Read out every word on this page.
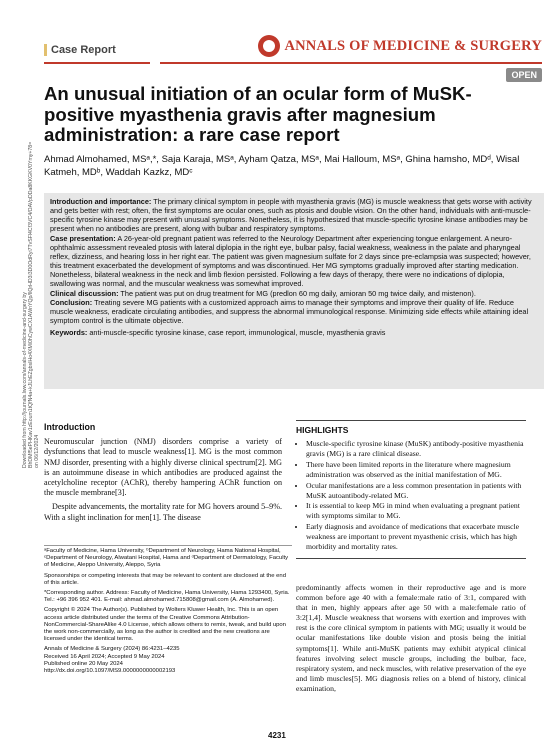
Downloaded from http://journals.lww.com/annals-of-medicine-and-surgery by BhDMf5ePHKav1zEoum1tQfN4a+kJLhEZgbsIHo4XMi0hCywCX1AWnYQp/IlQrHD3i3D0OdRyi7TvSFl4Cf3VC4/OAVpDDa8KKGKV0Ymy+78= on 06/12/2024
Case Report	ANNALS OF MEDICINE & SURGERY
OPEN
An unusual initiation of an ocular form of MuSK-positive myasthenia gravis after magnesium administration: a rare case report
Ahmad Almohamed, MSᵃ,*, Saja Karaja, MSᵃ, Ayham Qatza, MSᵃ, Mai Halloum, MSᵃ, Ghina hamsho, MDᵈ, Wisal Katmeh, MDᵇ, Waddah Kazkz, MDᶜ

Introduction and importance: The primary clinical symptom in people with myasthenia gravis (MG) is muscle weakness that gets worse with activity and gets better with rest; often, the first symptoms are ocular ones, such as ptosis and double vision. On the other hand, individuals with anti-muscle-specific tyrosine kinase may present with unusual symptoms. Nonetheless, it is hypothesized that muscle-specific tyrosine kinase antibodies may be present when no antibodies are present, along with bulbar and respiratory symptoms.

Case presentation: A 26-year-old pregnant patient was referred to the Neurology Department after experiencing tongue enlargement. A neuro-ophthalmic assessment revealed ptosis with lateral diplopia in the right eye, bulbar palsy, facial weakness, weakness in the palate and pharyngeal reflex, dizziness, and hearing loss in her right ear. The patient was given magnesium sulfate for 2 days since pre-eclampsia was suspected; however, this treatment exacerbated the development of symptoms and was discontinued. Her MG symptoms gradually improved after starting medication. Nonetheless, bilateral weakness in the neck and limb flexion persisted. Following a few days of therapy, there were no indications of diplopia, swallowing was normal, and the muscular weakness was somewhat improved.

Clinical discussion: The patient was put on drug treatment for MG (predlon 60 mg daily, amioran 50 mg twice daily, and mistenon).

Conclusion: Treating severe MG patients with a customized approach aims to manage their symptoms and improve their quality of life. Reduce muscle weakness, eradicate circulating antibodies, and suppress the abnormal immunological response. Minimizing side effects while attaining ideal symptom control is the ultimate objective.

Keywords: anti-muscle-specific tyrosine kinase, case report, immunological, muscle, myasthenia gravis

Introduction

Neuromuscular junction (NMJ) disorders comprise a variety of dysfunctions that lead to muscle weakness[1]. MG is the most common NMJ disorder, presenting with a highly diverse clinical spectrum[2]. MG is an autoimmune disease in which antibodies are produced against the acetylcholine receptor (AChR), thereby hampering AChR function on the muscle membrane[3].

Despite advancements, the mortality rate for MG hovers around 5–9%. With a slight inclination for men[1]. The disease

ᵃFaculty of Medicine, Hama University, ᵇDepartment of Neurology, Hama National Hospital, ᶜDepartment of Neurology, Alwatani Hospital, Hama and ᵈDepartment of Dermatology, Faculty of Medicine, Aleppo University, Aleppo, Syria

Sponsorships or competing interests that may be relevant to content are disclosed at the end of this article.

*Corresponding author. Address: Faculty of Medicine, Hama University, Hama 1293400, Syria. Tel.: +96 396 952 401. E-mail: ahmad.almohamed.715808@gmail.com (A. Almohamed).

Copyright © 2024 The Author(s). Published by Wolters Kluwer Health, Inc. This is an open access article distributed under the terms of the Creative Commons Attribution-NonCommercial-ShareAlike 4.0 License, which allows others to remix, tweak, and build upon the work non-commercially, as long as the author is credited and the new creations are licensed under the identical terms.

Annals of Medicine & Surgery (2024) 86:4231–4235

Received 16 April 2024; Accepted 9 May 2024

Published online 20 May 2024

http://dx.doi.org/10.1097/MS9.0000000000002193

HIGHLIGHTS
• Muscle-specific tyrosine kinase (MuSK) antibody-positive myasthenia gravis (MG) is a rare clinical disease.
• There have been limited reports in the literature where magnesium administration was observed as the initial manifestation of MG.
• Ocular manifestations are a less common presentation in patients with MuSK autoantibody-related MG.
• It is essential to keep MG in mind when evaluating a pregnant patient with symptoms similar to MG.
• Early diagnosis and avoidance of medications that exacerbate muscle weakness are important to prevent myasthenic crisis, which has high morbidity and mortality rates.

predominantly affects women in their reproductive age and is more common before age 40 with a female:male ratio of 3:1, compared with that in men, highly appears after age 50 with a male:female ratio of 3:2[1,4]. Muscle weakness that worsens with exertion and improves with rest is the core clinical symptom in patients with MG; usually it would be ocular manifestations like double vision and ptosis being the initial symptoms[1]. While anti-MuSK patients may exhibit atypical clinical features involving select muscle groups, including the bulbar, face, respiratory system, and neck muscles, with relative preservation of the eye and limb muscles[5]. MG diagnosis relies on a blend of history, clinical examination,

4231
